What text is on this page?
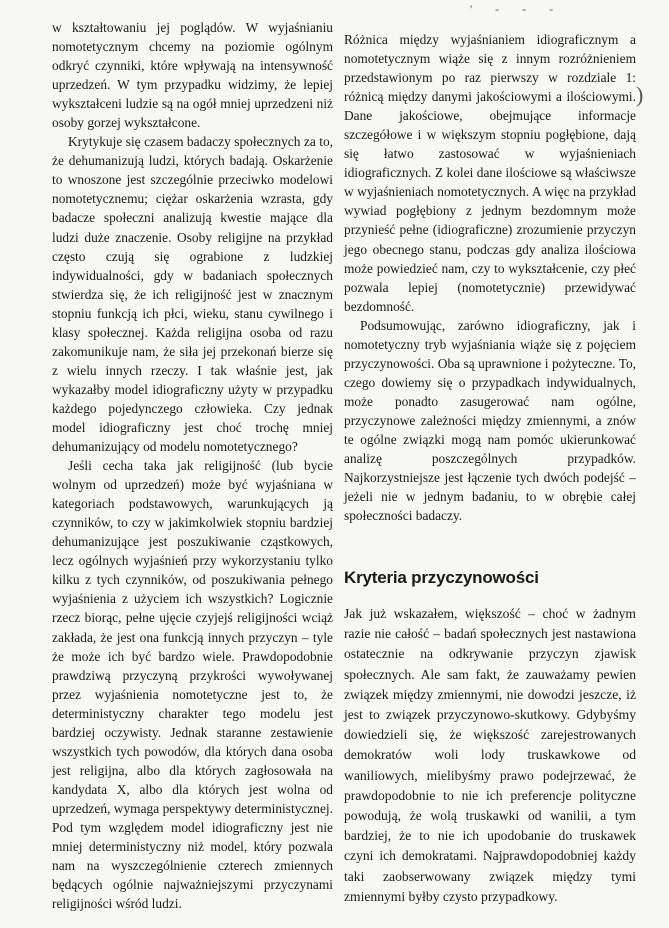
' - - -
)

w kształtowaniu jej poglądów. W wyjaśnianiu nomotetycznym chcemy na poziomie ogólnym odkryć czynniki, które wpływają na intensywność uprzedzeń. W tym przypadku widzimy, że lepiej wykształceni ludzie są na ogół mniej uprzedzeni niż osoby gorzej wykształcone.

Krytykuje się czasem badaczy społecznych za to, że dehumanizują ludzi, których badają. Oskarżenie to wnoszone jest szczególnie przeciwko modelowi nomotetycznemu; ciężar oskarżenia wzrasta, gdy badacze społeczni analizują kwestie mające dla ludzi duże znaczenie. Osoby religijne na przykład często czują się ograbione z ludzkiej indywidualności, gdy w badaniach społecznych stwierdza się, że ich religijność jest w znacznym stopniu funkcją ich płci, wieku, stanu cywilnego i klasy społecznej. Każda religijna osoba od razu zakomunikuje nam, że siła jej przekonań bierze się z wielu innych rzeczy. I tak właśnie jest, jak wykazałby model idiograficzny użyty w przypadku każdego pojedynczego człowieka. Czy jednak model idiograficzny jest choć trochę mniej dehumanizujący od modelu nomotetycznego?

Jeśli cecha taka jak religijność (lub bycie wolnym od uprzedzeń) może być wyjaśniana w kategoriach podstawowych, warunkujących ją czynników, to czy w jakimkolwiek stopniu bardziej dehumanizujące jest poszukiwanie cząstkowych, lecz ogólnych wyjaśnień przy wykorzystaniu tylko kilku z tych czynników, od poszukiwania pełnego wyjaśnienia z użyciem ich wszystkich? Logicznie rzecz biorąc, pełne ujęcie czyjejś religijności wciąż zakłada, że jest ona funkcją innych przyczyn – tyle że może ich być bardzo wiele. Prawdopodobnie prawdziwą przyczyną przykrości wywoływanej przez wyjaśnienia nomotetyczne jest to, że deterministyczny charakter tego modelu jest bardziej oczywisty. Jednak staranne zestawienie wszystkich tych powodów, dla których dana osoba jest religijna, albo dla których zagłosowała na kandydata X, albo dla których jest wolna od uprzedzeń, wymaga perspektywy deterministycznej. Pod tym względem model idiograficzny jest nie mniej deterministyczny niż model, który pozwala nam na wyszczególnienie czterech zmiennych będących ogólnie najważniejszymi przyczynami religijności wśród ludzi.

Różnica między wyjaśnianiem idiograficznym a nomotetycznym wiąże się z innym rozróżnieniem przedstawionym po raz pierwszy w rozdziale 1: różnicą między danymi jakościowymi a ilościowymi. Dane jakościowe, obejmujące informacje szczegółowe i w większym stopniu pogłębione, dają się łatwo zastosować w wyjaśnieniach idiograficznych. Z kolei dane ilościowe są właściwsze w wyjaśnieniach nomotetycznych. A więc na przykład wywiad pogłębiony z jednym bezdomnym może przynieść pełne (idiograficzne) zrozumienie przyczyn jego obecnego stanu, podczas gdy analiza ilościowa może powiedzieć nam, czy to wykształcenie, czy płeć pozwala lepiej (nomotetycznie) przewidywać bezdomność.

Podsumowując, zarówno idiograficzny, jak i nomotetyczny tryb wyjaśniania wiąże się z pojęciem przyczynowości. Oba są uprawnione i pożyteczne. To, czego dowiemy się o przypadkach indywidualnych, może ponadto zasugerować nam ogólne, przyczynowe zależności między zmiennymi, a znów te ogólne związki mogą nam pomóc ukierunkować analizę poszczególnych przypadków. Najkorzystniejsze jest łączenie tych dwóch podejść – jeżeli nie w jednym badaniu, to w obrębie całej społeczności badaczy.

Kryteria przyczynowości

Jak już wskazałem, większość – choć w żadnym razie nie całość – badań społecznych jest nastawiona ostatecznie na odkrywanie przyczyn zjawisk społecznych. Ale sam fakt, że zauważamy pewien związek między zmiennymi, nie dowodzi jeszcze, iż jest to związek przyczynowo-skutkowy. Gdybyśmy dowiedzieli się, że większość zarejestrowanych demokratów woli lody truskawkowe od waniliowych, mielibyśmy prawo podejrzewać, że prawdopodobnie to nie ich preferencje polityczne powodują, że wolą truskawki od wanilii, a tym bardziej, że to nie ich upodobanie do truskawek czyni ich demokratami. Najprawdopodobniej każdy taki zaobserwowany związek między tymi zmiennymi byłby czysto przypadkowy.
